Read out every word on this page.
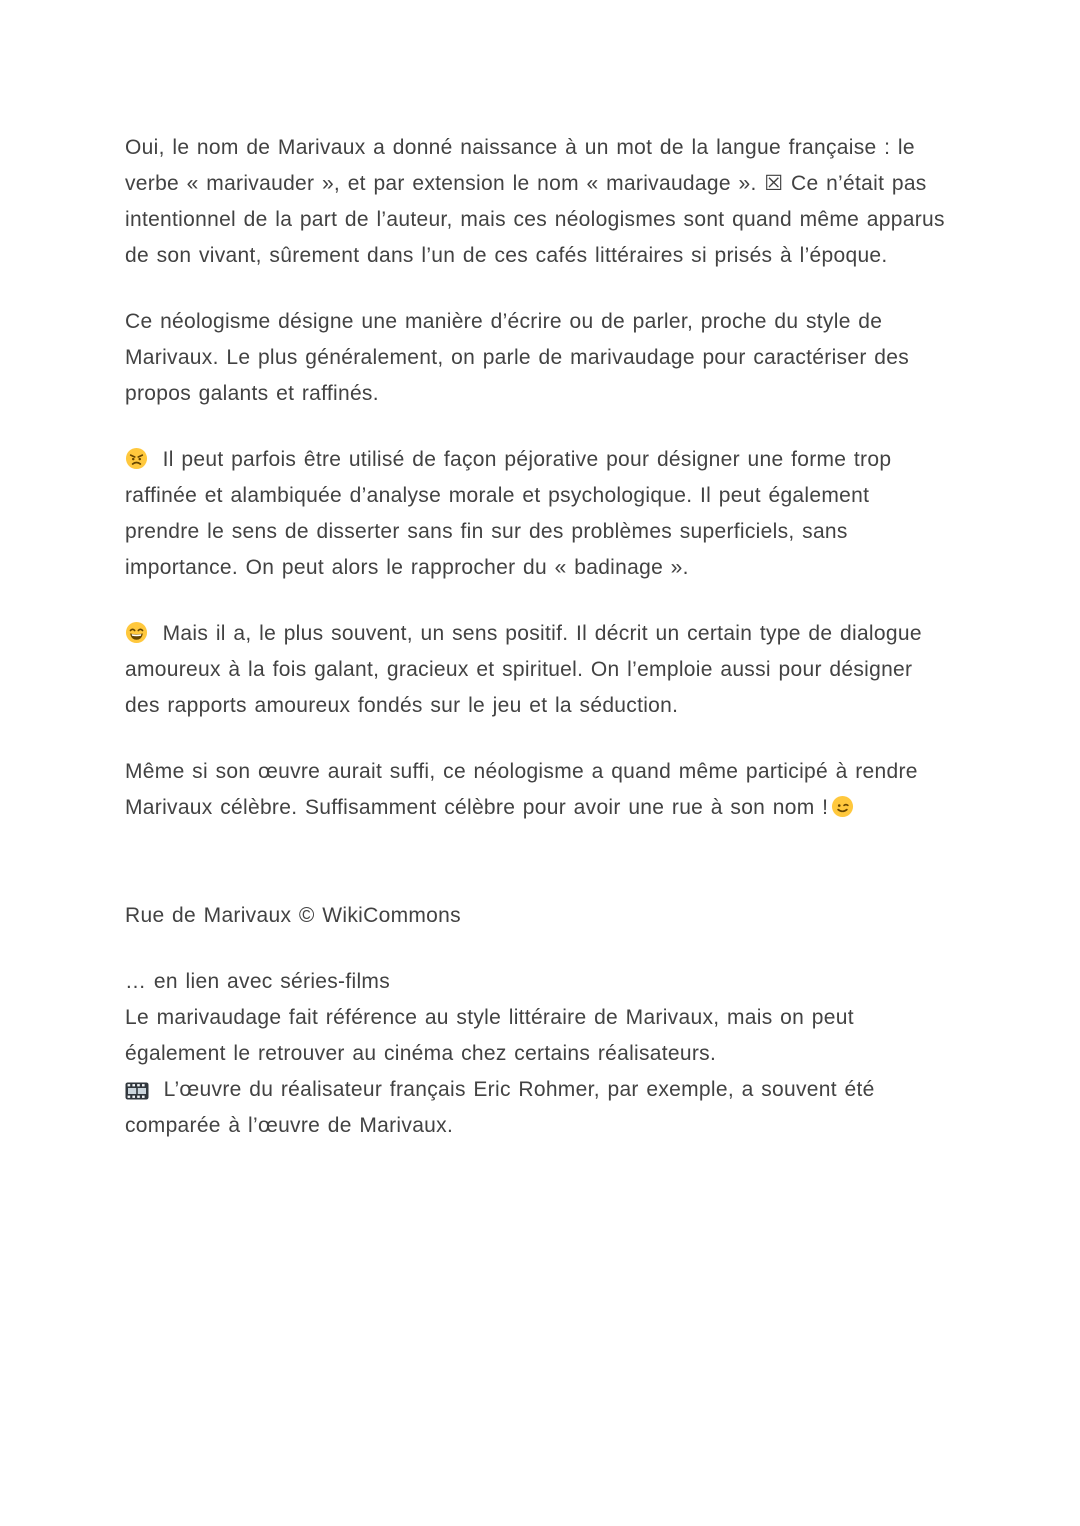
Oui, le nom de Marivaux a donné naissance à un mot de la langue française : le verbe « marivauder », et par extension le nom « marivaudage ». ☒ Ce n’était pas intentionnel de la part de l’auteur, mais ces néologismes sont quand même apparus de son vivant, sûrement dans l’un de ces cafés littéraires si prisés à l’époque.

Ce néologisme désigne une manière d’écrire ou de parler, proche du style de Marivaux. Le plus généralement, on parle de marivaudage pour caractériser des propos galants et raffinés.

Il peut parfois être utilisé de façon péjorative pour désigner une forme trop raffinée et alambiquée d’analyse morale et psychologique. Il peut également prendre le sens de disserter sans fin sur des problèmes superficiels, sans importance. On peut alors le rapprocher du « badinage ».

Mais il a, le plus souvent, un sens positif. Il décrit un certain type de dialogue amoureux à la fois galant, gracieux et spirituel. On l’emploie aussi pour désigner des rapports amoureux fondés sur le jeu et la séduction.

Même si son œuvre aurait suffi, ce néologisme a quand même participé à rendre Marivaux célèbre. Suffisamment célèbre pour avoir une rue à son nom !

Rue de Marivaux © WikiCommons

… en lien avec séries-films

Le marivaudage fait référence au style littéraire de Marivaux, mais on peut également le retrouver au cinéma chez certains réalisateurs.

L’œuvre du réalisateur français Eric Rohmer, par exemple, a souvent été comparée à l’œuvre de Marivaux.
